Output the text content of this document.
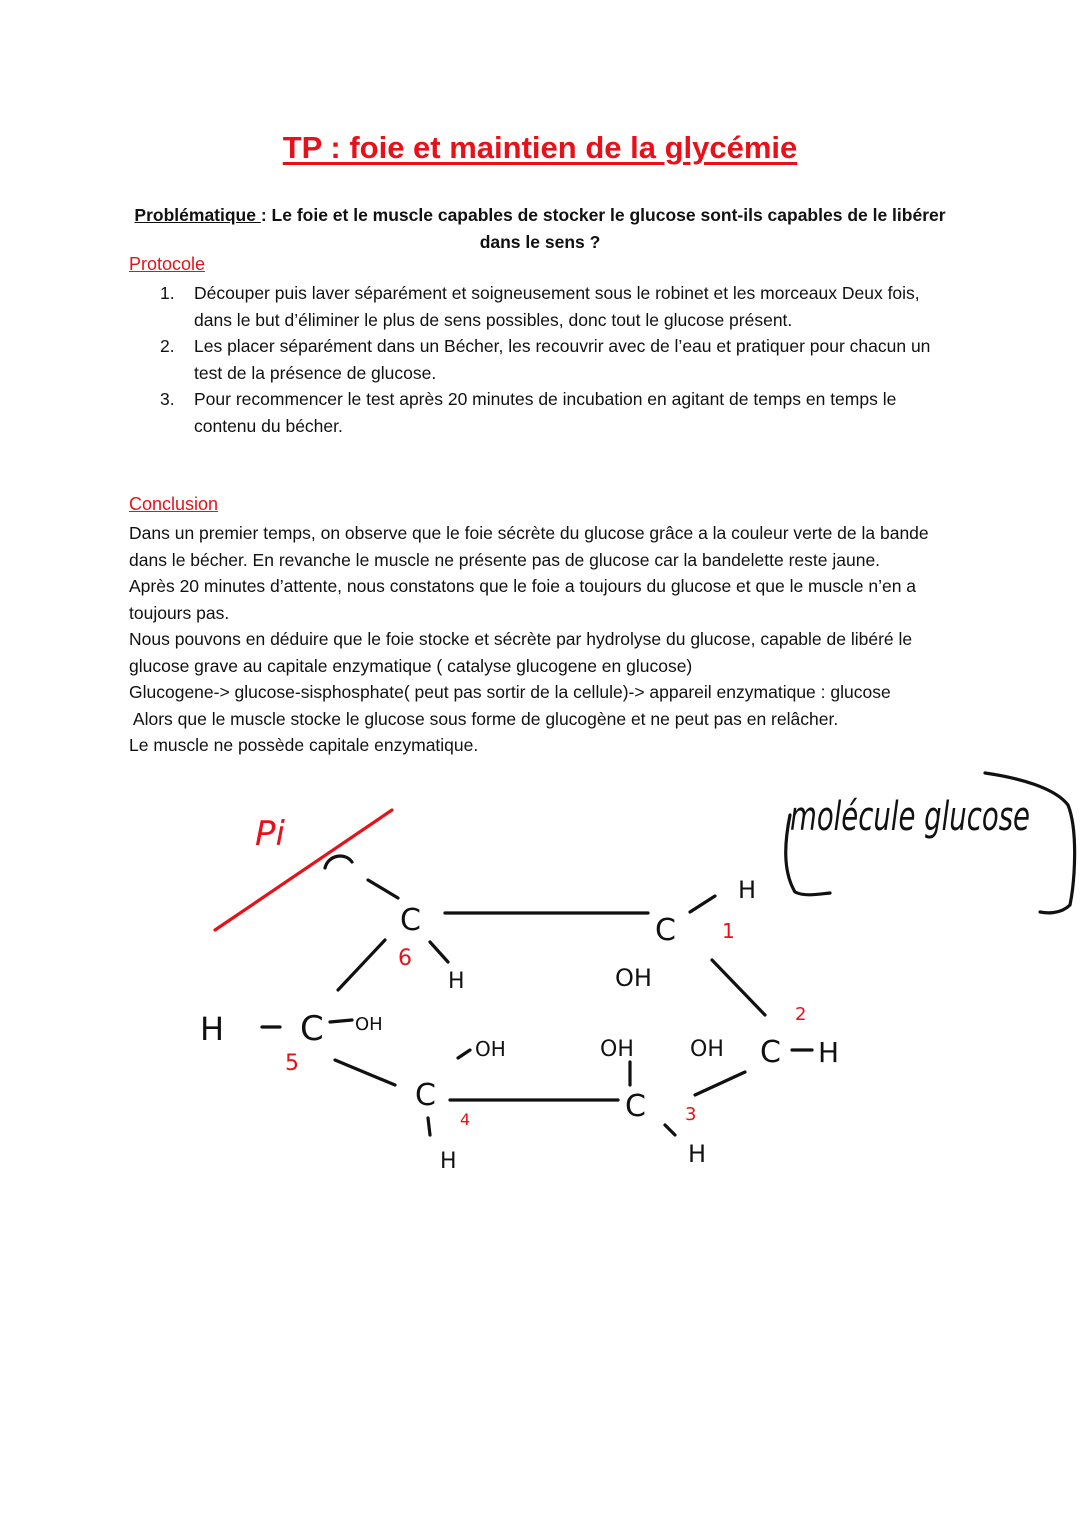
TP : foie et maintien de la glycémie
Problématique : Le foie et le muscle capables de stocker le glucose sont-ils capables de le libérer dans le sens ?
Protocole
1. Découper puis laver séparément et soigneusement sous le robinet et les morceaux Deux fois, dans le but d’éliminer le plus de sens possibles, donc tout le glucose présent.
2. Les placer séparément dans un Bécher, les recouvrir avec de l’eau et pratiquer pour chacun un test de la présence de glucose.
3. Pour recommencer le test après 20 minutes de incubation en agitant de temps en temps le contenu du bécher.
Conclusion

Dans un premier temps, on observe que le foie sécrète du glucose grâce a la couleur verte de la bande dans le bécher. En revanche le muscle ne présente pas de glucose car la bandelette reste jaune.

Après 20 minutes d’attente, nous constatons que le foie a toujours du glucose et que le muscle n’en a toujours pas.

Nous pouvons en déduire que le foie stocke et sécrète par hydrolyse du glucose, capable de libéré le glucose grave au capitale enzymatique ( catalyse glucogene en glucose)

Glucogene-> glucose-sisphosphate( peut pas sortir de la cellule)-> appareil enzymatique : glucose

Alors que le muscle stocke le glucose sous forme de glucogène et ne peut pas en relâcher.

Le muscle ne possède capitale enzymatique.

Pi
C
6
H
C
H
1
OH
2
OH C H
OH
C 3
H
C
4
OH
H
H C OH
5
molécule glucose
